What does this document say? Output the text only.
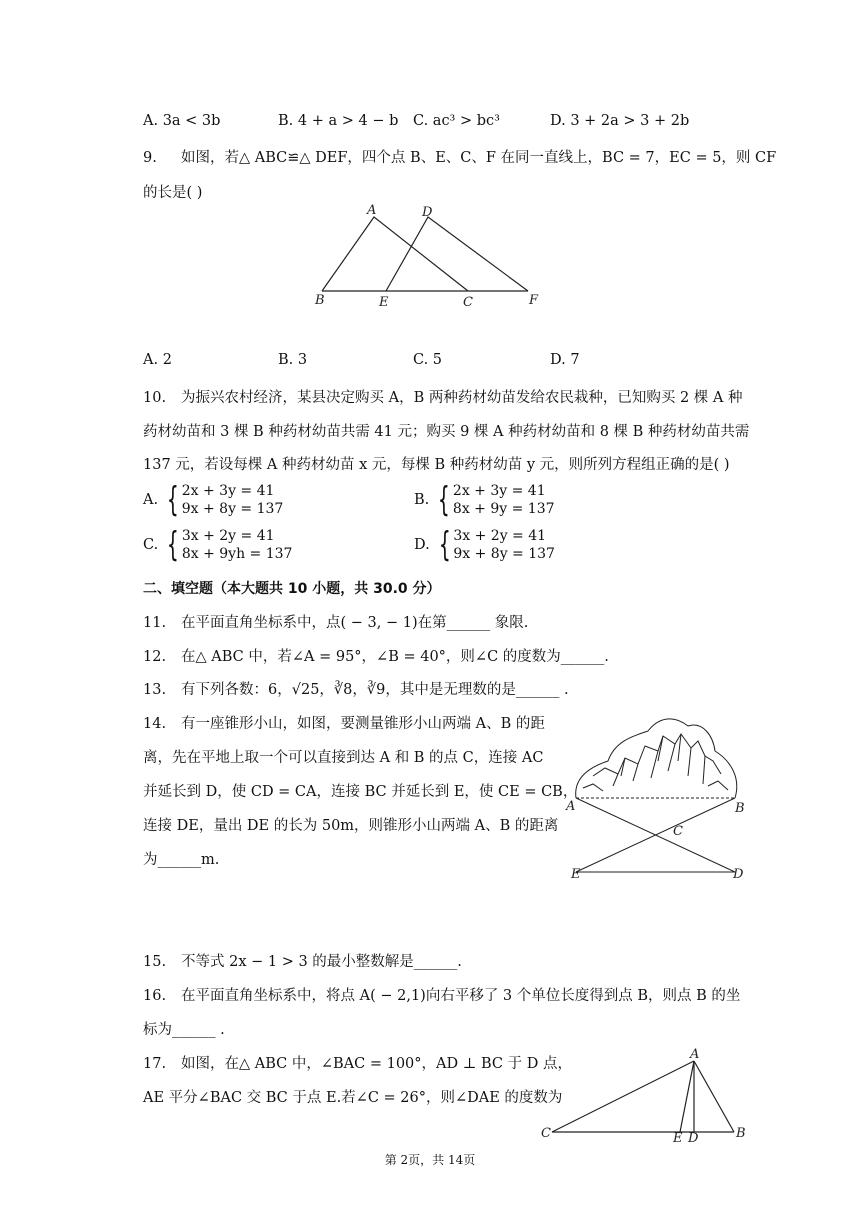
A. 3a < 3b	B. 4 + a > 4 − b C. ac³ > bc³	D. 3 + 2a > 3 + 2b
9. 如图，若△ ABC≌△ DEF，四个点 B、E、C、F 在同一直线上，BC = 7，EC = 5，则 CF
的长是( )
A	D
B	E	C	F
A. 2	B. 3	C. 5	D. 7
10. 为振兴农村经济，某县决定购买 A，B 两种药材幼苗发给农民栽种，已知购买 2 棵 A 种
药材幼苗和 3 棵 B 种药材幼苗共需 41 元；购买 9 棵 A 种药材幼苗和 8 棵 B 种药材幼苗共需
137 元，若设每棵 A 种药材幼苗 x 元，每棵 B 种药材幼苗 y 元，则所列方程组正确的是( )
A. { 2x + 3y = 41
9x + 8y = 137
B. { 2x + 3y = 41
8x + 9y = 137
C. { 3x + 2y = 41
8x + 9yh = 137
D. { 3x + 2y = 41
9x + 8y = 137
二、填空题（本大题共 10 小题，共 30.0 分）
11. 在平面直角坐标系中，点( − 3, − 1)在第______ 象限.
12. 在△ ABC 中，若∠A = 95°，∠B = 40°，则∠C 的度数为______.
13. 有下列各数：6，√25，∛8，∛9，其中是无理数的是______ .
14. 有一座锥形小山，如图，要测量锥形小山两端 A、B 的距
离，先在平地上取一个可以直接到达 A 和 B 的点 C，连接 AC
并延长到 D，使 CD = CA，连接 BC 并延长到 E，使 CE = CB，
连接 DE，量出 DE 的长为 50m，则锥形小山两端 A、B 的距离
为______m.
A	B
C
E	D
15. 不等式 2x − 1 > 3 的最小整数解是______.
16. 在平面直角坐标系中，将点 A( − 2,1)向右平移了 3 个单位长度得到点 B，则点 B 的坐
标为______ .
17. 如图，在△ ABC 中，∠BAC = 100°，AD ⊥ BC 于 D 点，
AE 平分∠BAC 交 BC 于点 E.若∠C = 26°，则∠DAE 的度数为
A
C	E D	B
第 2页，共 14页
